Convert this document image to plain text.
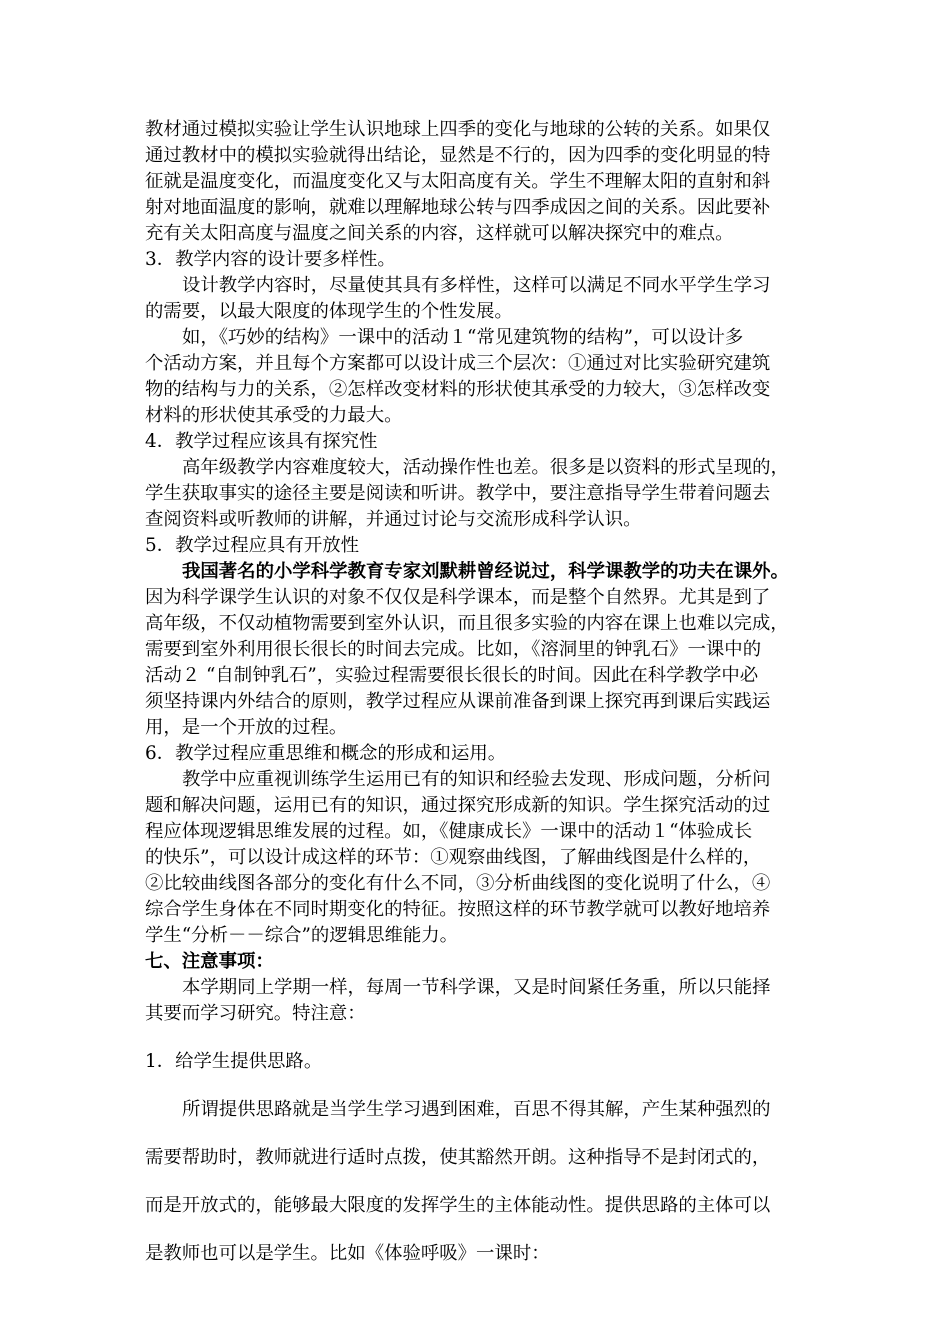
教材通过模拟实验让学生认识地球上四季的变化与地球的公转的关系。如果仅

通过教材中的模拟实验就得出结论，显然是不行的，因为四季的变化明显的特

征就是温度变化，而温度变化又与太阳高度有关。学生不理解太阳的直射和斜

射对地面温度的影响，就难以理解地球公转与四季成因之间的关系。因此要补

充有关太阳高度与温度之间关系的内容，这样就可以解决探究中的难点。

3．教学内容的设计要多样性。

设计教学内容时，尽量使其具有多样性，这样可以满足不同水平学生学习

的需要，以最大限度的体现学生的个性发展。

如，《巧妙的结构》一课中的活动１“常见建筑物的结构”，可以设计多

个活动方案，并且每个方案都可以设计成三个层次：①通过对比实验研究建筑

物的结构与力的关系，②怎样改变材料的形状使其承受的力较大，③怎样改变

材料的形状使其承受的力最大。

4．教学过程应该具有探究性

高年级教学内容难度较大，活动操作性也差。很多是以资料的形式呈现的，

学生获取事实的途径主要是阅读和听讲。教学中，要注意指导学生带着问题去

查阅资料或听教师的讲解，并通过讨论与交流形成科学认识。

5．教学过程应具有开放性

我国著名的小学科学教育专家刘默耕曾经说过，科学课教学的功夫在课外。

因为科学课学生认识的对象不仅仅是科学课本，而是整个自然界。尤其是到了

高年级，不仅动植物需要到室外认识，而且很多实验的内容在课上也难以完成，

需要到室外利用很长很长的时间去完成。比如，《溶洞里的钟乳石》一课中的

活动２ “自制钟乳石”，实验过程需要很长很长的时间。因此在科学教学中必

须坚持课内外结合的原则，教学过程应从课前准备到课上探究再到课后实践运

用，是一个开放的过程。

6．教学过程应重思维和概念的形成和运用。

教学中应重视训练学生运用已有的知识和经验去发现、形成问题，分析问

题和解决问题，运用已有的知识，通过探究形成新的知识。学生探究活动的过

程应体现逻辑思维发展的过程。如，《健康成长》一课中的活动１“体验成长

的快乐”，可以设计成这样的环节：①观察曲线图，了解曲线图是什么样的，

②比较曲线图各部分的变化有什么不同，③分析曲线图的变化说明了什么，④

综合学生身体在不同时期变化的特征。按照这样的环节教学就可以教好地培养

学生“分析－－综合”的逻辑思维能力。

七、注意事项：

本学期同上学期一样，每周一节科学课，又是时间紧任务重，所以只能择

其要而学习研究。特注意：

1．给学生提供思路。

所谓提供思路就是当学生学习遇到困难，百思不得其解，产生某种强烈的

需要帮助时，教师就进行适时点拨，使其豁然开朗。这种指导不是封闭式的，

而是开放式的，能够最大限度的发挥学生的主体能动性。提供思路的主体可以

是教师也可以是学生。比如《体验呼吸》一课时：
